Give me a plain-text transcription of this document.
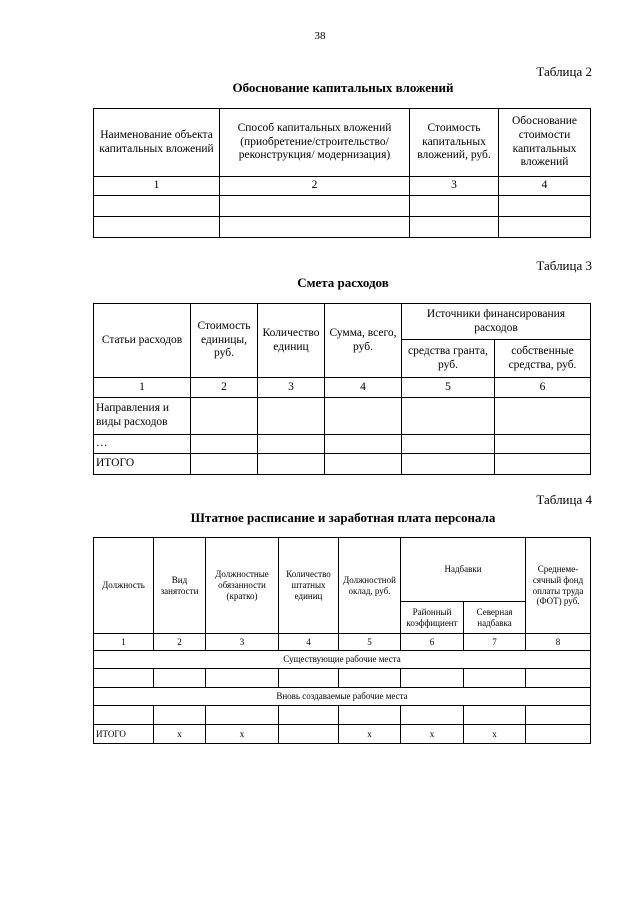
38
Таблица 2
Обоснование капитальных вложений
Наименование объекта капитальных вложений	Способ капитальных вложений (приобретение/строительство/ реконструкция/ модернизация)	Стоимость капитальных вложений, руб.	Обоснование стоимости капитальных вложений
1	2	3	4

Таблица 3
Смета расходов
Статьи расходов	Стоимость единицы, руб.	Количество единиц	Сумма, всего, руб.	Источники финансирования расходов	
				средства гранта, руб.	собственные средства, руб.
1	2	3	4	5	6
Направления и виды расходов					
…					
ИТОГО					
Таблица 4
Штатное расписание и заработная плата персонала
Должность	Вид занятости	Должностные обязанности (кратко)	Количество штатных единиц	Должностной оклад, руб.	Надбавки		Среднеме-сячный фонд оплаты труда (ФОТ) руб.
					Районный коэффициент	Северная надбавка	
1	2	3	4	5	6	7	8
Существующие рабочие места							

Вновь создаваемые рабочие места							

ИТОГО	х	х		х	х	х	
